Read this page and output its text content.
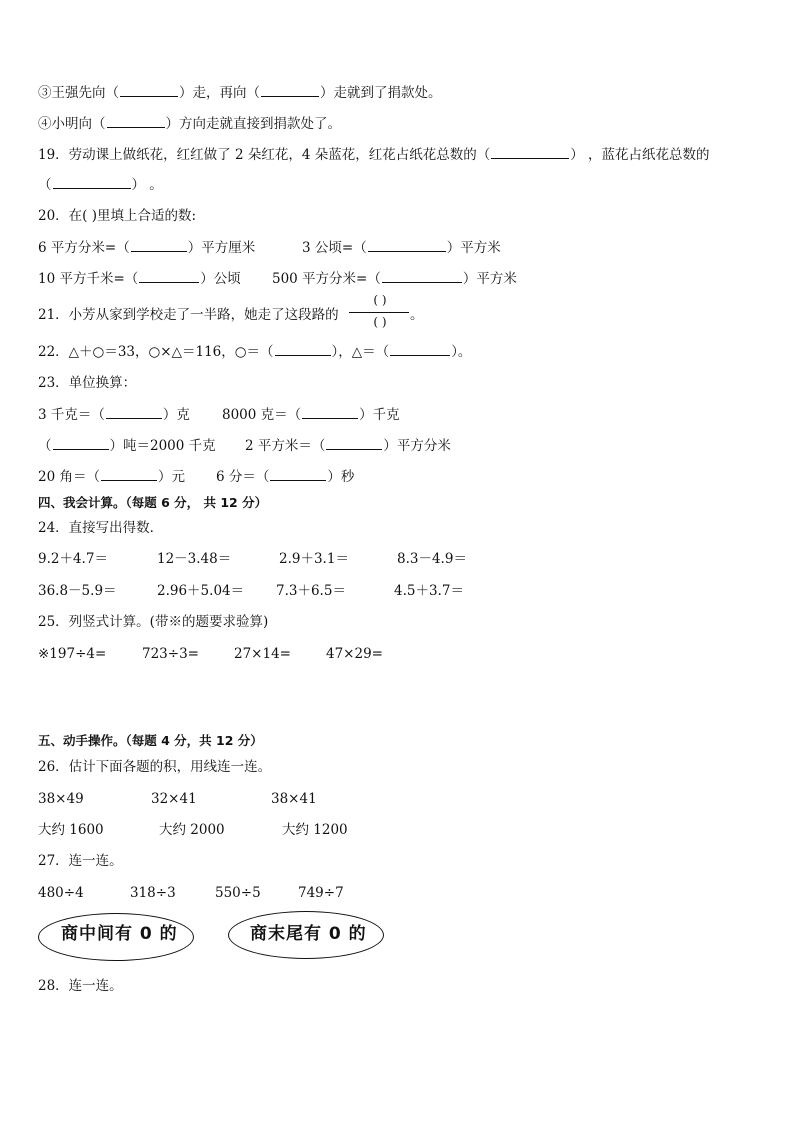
③王强先向（	）走，再向（	）走就到了捐款处。
④小明向（	）方向走就直接到捐款处了。
19．劳动课上做纸花，红红做了 2 朵红花，4 朵蓝花，红花占纸花总数的（	） ，蓝花占纸花总数的
（	） 。
20．在( )里填上合适的数:
6 平方分米=（	）平方厘米	3 公顷=（	）平方米
10 平方千米=（	）公顷 500 平方分米=（	）平方米
21．小芳从家到学校走了一半路，她走了这段路的
( )
( )	。
22．△＋○＝33，○×△＝116，○＝（	），△＝（	）。
23．单位换算：
3 千克＝（	）克 8000 克＝（	）千克
（	）吨＝2000 千克 2 平方米＝（	）平方分米
20 角＝（	）元 6 分＝（	）秒
四、我会计算。（每题 6 分， 共 12 分）
24．直接写出得数．
9.2＋4.7＝	12－3.48＝	2.9＋3.1＝	8.3－4.9＝
36.8－5.9＝	2.96＋5.04＝ 7.3＋6.5＝	4.5＋3.7＝
25．列竖式计算。(带※的题要求验算)
※197÷4=	723÷3=	27×14=	47×29=
五、动手操作。（每题 4 分，共 12 分）
26．估计下面各题的积，用线连一连。
38×49	32×41	38×41
大约 1600	大约 2000	大约 1200
27．连一连。
480÷4	318÷3	550÷5	749÷7
商中间有 0 的	商末尾有 0 的
28．连一连。
